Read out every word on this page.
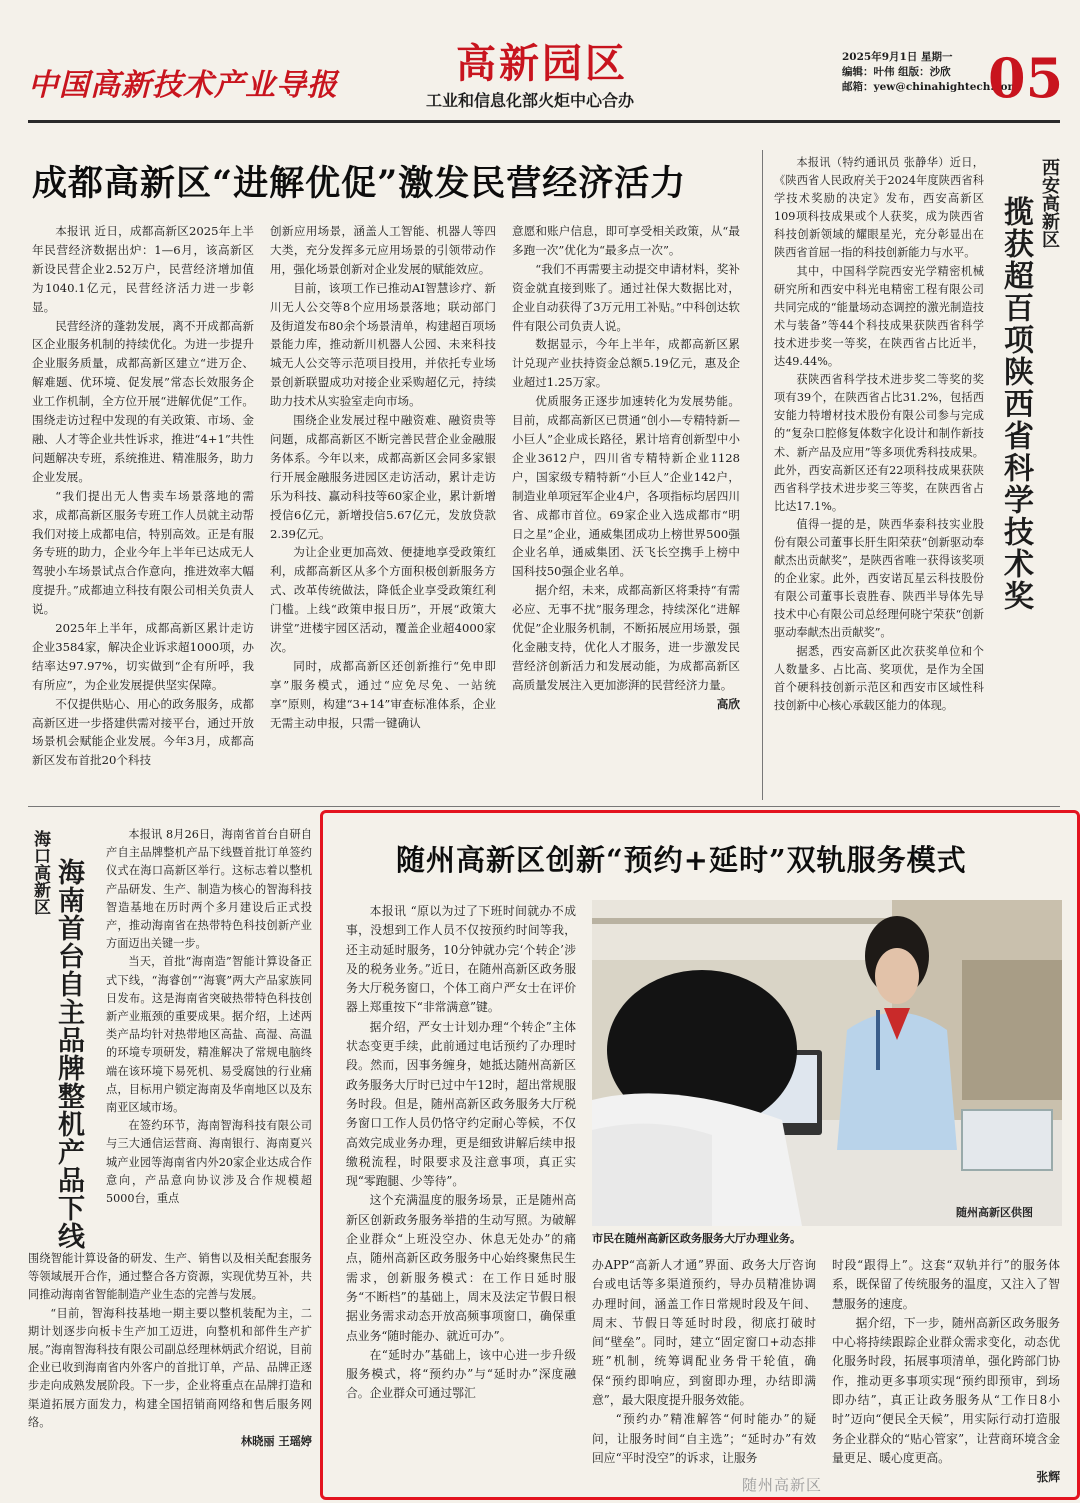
中国高新技术产业导报	高新园区
工业和信息化部火炬中心合办
2025年9月1日 星期一
编辑：叶伟 组版：沙欣
邮箱：yew@chinahightech.com
05
成都高新区“进解优促”激发民营经济活力

本报讯 近日，成都高新区2025年上半年民营经济数据出炉：1—6月，该高新区新设民营企业2.52万户，民营经济增加值为1040.1亿元，民营经济活力进一步彰显。

民营经济的蓬勃发展，离不开成都高新区企业服务机制的持续优化。为进一步提升企业服务质量，成都高新区建立“进万企、解难题、优环境、促发展”常态长效服务企业工作机制，全方位开展“进解优促”工作。围绕走访过程中发现的有关政策、市场、金融、人才等企业共性诉求，推进“4+1”共性问题解决专班，系统推进、精准服务，助力企业发展。

“我们提出无人售卖车场景落地的需求，成都高新区服务专班工作人员就主动帮我们对接上成都电信，特别高效。正是有服务专班的助力，企业今年上半年已达成无人驾驶小车场景试点合作意向，推进效率大幅度提升。”成都迪立科技有限公司相关负责人说。

2025年上半年，成都高新区累计走访企业3584家，解决企业诉求超1000项，办结率达97.97%，切实做到“企有所呼，我有所应”，为企业发展提供坚实保障。

不仅提供贴心、用心的政务服务，成都高新区进一步搭建供需对接平台，通过开放场景机会赋能企业发展。今年3月，成都高新区发布首批20个科技

创新应用场景，涵盖人工智能、机器人等四大类，充分发挥多元应用场景的引领带动作用，强化场景创新对企业发展的赋能效应。

目前，该项工作已推动AI智慧诊疗、新川无人公交等8个应用场景落地；联动部门及街道发布80余个场景清单，构建超百项场景能力库，推动新川机器人公园、未来科技城无人公交等示范项目投用，并依托专业场景创新联盟成功对接企业采购超亿元，持续助力技术从实验室走向市场。

围绕企业发展过程中融资难、融资贵等问题，成都高新区不断完善民营企业金融服务体系。今年以来，成都高新区会同多家银行开展金融服务进园区走访活动，累计走访乐为科技、赢动科技等60家企业，累计新增授信6亿元，新增投信5.67亿元，发放贷款2.39亿元。

为让企业更加高效、便捷地享受政策红利，成都高新区从多个方面积极创新服务方式、改革传统做法，降低企业享受政策红利门槛。上线“政策申报日历”，开展“政策大讲堂”进楼宇园区活动，覆盖企业超4000家次。

同时，成都高新区还创新推行“免申即享”服务模式，通过“应免尽免、一站统享”原则，构建“3+14”审查标准体系，企业无需主动申报，只需一键确认

意愿和账户信息，即可享受相关政策，从“最多跑一次”优化为“最多点一次”。

“我们不再需要主动提交申请材料，奖补资金就直接到账了。通过社保大数据比对，企业自动获得了3万元用工补贴。”中科创达软件有限公司负责人说。

数据显示，今年上半年，成都高新区累计兑现产业扶持资金总额5.19亿元，惠及企业超过1.25万家。

优质服务正逐步加速转化为发展势能。目前，成都高新区已贯通“创小—专精特新—小巨人”企业成长路径，累计培育创新型中小企业3612户，四川省专精特新企业1128户，国家级专精特新“小巨人”企业142户，制造业单项冠军企业4户，各项指标均居四川省、成都市首位。69家企业入选成都市“明日之星”企业，通威集团成功上榜世界500强企业名单，通威集团、沃飞长空携手上榜中国科技50强企业名单。

据介绍，未来，成都高新区将秉持“有需必应、无事不扰”服务理念，持续深化“进解优促”企业服务机制，不断拓展应用场景，强化金融支持，优化人才服务，进一步激发民营经济创新活力和发展动能，为成都高新区高质量发展注入更加澎湃的民营经济力量。

高欣

本报讯（特约通讯员 张静华）近日，《陕西省人民政府关于2024年度陕西省科学技术奖励的决定》发布，西安高新区109项科技成果或个人获奖，成为陕西省科技创新领域的耀眼星光，充分彰显出在陕西省首屈一指的科技创新能力与水平。

其中，中国科学院西安光学精密机械研究所和西安中科光电精密工程有限公司共同完成的“能量场动态调控的激光制造技术与装备”等44个科技成果获陕西省科学技术进步奖一等奖，在陕西省占比近半，达49.44%。

获陕西省科学技术进步奖二等奖的奖项有39个，在陕西省占比31.2%，包括西安能力特增材技术股份有限公司参与完成的“复杂口腔修复体数字化设计和制作新技术、新产品及应用”等多项优秀科技成果。此外，西安高新区还有22项科技成果获陕西省科学技术进步奖三等奖，在陕西省占比达17.1%。

值得一提的是，陕西华泰科技实业股份有限公司董事长肝生阳荣获“创新驱动奉献杰出贡献奖”，是陕西省唯一获得该奖项的企业家。此外，西安诺瓦星云科技股份有限公司董事长袁胜春、陕西半导体先导技术中心有限公司总经理何晓宁荣获“创新驱动奉献杰出贡献奖”。

据悉，西安高新区此次获奖单位和个人数量多、占比高、奖项优，是作为全国首个硬科技创新示范区和西安市区域性科技创新中心核心承载区能力的体现。

西安高新区
揽获超百项陕西省科学技术奖
海口高新区 海南首台自主品牌整机产品下线

本报讯 8月26日，海南省首台自研自产自主品牌整机产品下线暨首批订单签约仪式在海口高新区举行。这标志着以整机产品研发、生产、制造为核心的智海科技智造基地在历时两个多月建设后正式投产，推动海南省在热带特色科技创新产业方面迈出关键一步。

当天，首批“海南造”智能计算设备正式下线，“海睿创”“海寰”两大产品家族同日发布。这是海南省突破热带特色科技创新产业瓶颈的重要成果。据介绍，上述两类产品均针对热带地区高盐、高湿、高温的环境专项研发，精准解决了常规电脑终端在该环境下易死机、易受腐蚀的行业痛点，目标用户锁定海南及华南地区以及东南亚区域市场。

在签约环节，海南智海科技有限公司与三大通信运营商、海南银行、海南夏兴城产业园等海南省内外20家企业达成合作意向，产品意向协议涉及合作规模超5000台，重点

围绕智能计算设备的研发、生产、销售以及相关配套服务等领域展开合作，通过整合各方资源，实现优势互补，共同推动海南省智能制造产业生态的完善与发展。

“目前，智海科技基地一期主要以整机装配为主，二期计划逐步向板卡生产加工迈进，向整机和部件生产扩展。”海南智海科技有限公司副总经理林炳武介绍说，目前企业已收到海南省内外客户的首批订单，产品、品牌正逐步走向成熟发展阶段。下一步，企业将重点在品牌打造和渠道拓展方面发力，构建全国招销商网络和售后服务网络。

林晓丽 王瑶婷

随州高新区创新“预约+延时”双轨服务模式

本报讯 “原以为过了下班时间就办不成事，没想到工作人员不仅按预约时间等我，还主动延时服务，10分钟就办完‘个转企’涉及的税务业务。”近日，在随州高新区政务服务大厅税务窗口，个体工商户严女士在评价器上郑重按下“非常满意”键。

据介绍，严女士计划办理“个转企”主体状态变更手续，此前通过电话预约了办理时段。然而，因事务缠身，她抵达随州高新区政务服务大厅时已过中午12时，超出常规服务时段。但是，随州高新区政务服务大厅税务窗口工作人员仍恪守约定耐心等候，不仅高效完成业务办理，更是细致讲解后续申报缴税流程，时限要求及注意事项，真正实现“零跑腿、少等待”。

这个充满温度的服务场景，正是随州高新区创新政务服务举措的生动写照。为破解企业群众“上班没空办、休息无处办”的痛点，随州高新区政务服务中心始终聚焦民生需求，创新服务模式：在工作日延时服务“不断档”的基础上，周末及法定节假日根据业务需求动态开放高频事项窗口，确保重点业务“随时能办、就近可办”。

在“延时办”基础上，该中心进一步升级服务模式，将“预约办”与“延时办”深度融合。企业群众可通过鄂汇

市民在随州高新区政务服务大厅办理业务。
随州高新区供图

办APP“高新人才通”界面、政务大厅咨询台或电话等多渠道预约，导办员精准协调办理时间，涵盖工作日常规时段及午间、周末、节假日等延时时段，彻底打破时间“壁垒”。同时，建立“固定窗口+动态排班”机制，统筹调配业务骨干轮值，确保“预约即响应，到窗即办理，办结即满意”，最大限度提升服务效能。

“预约办”精准解答“何时能办”的疑问，让服务时间“自主选”；“延时办”有效回应“平时没空”的诉求，让服务

时段“跟得上”。这套“双轨并行”的服务体系，既保留了传统服务的温度，又注入了智慧服务的速度。

据介绍，下一步，随州高新区政务服务中心将持续跟踪企业群众需求变化，动态优化服务时段，拓展事项清单，强化跨部门协作，推动更多事项实现“预约即预审，到场即办结”，真正让政务服务从“工作日8小时”迈向“便民全天候”，用实际行动打造服务企业群众的“贴心管家”，让营商环境含金量更足、暖心度更高。

张辉

随州高新区
